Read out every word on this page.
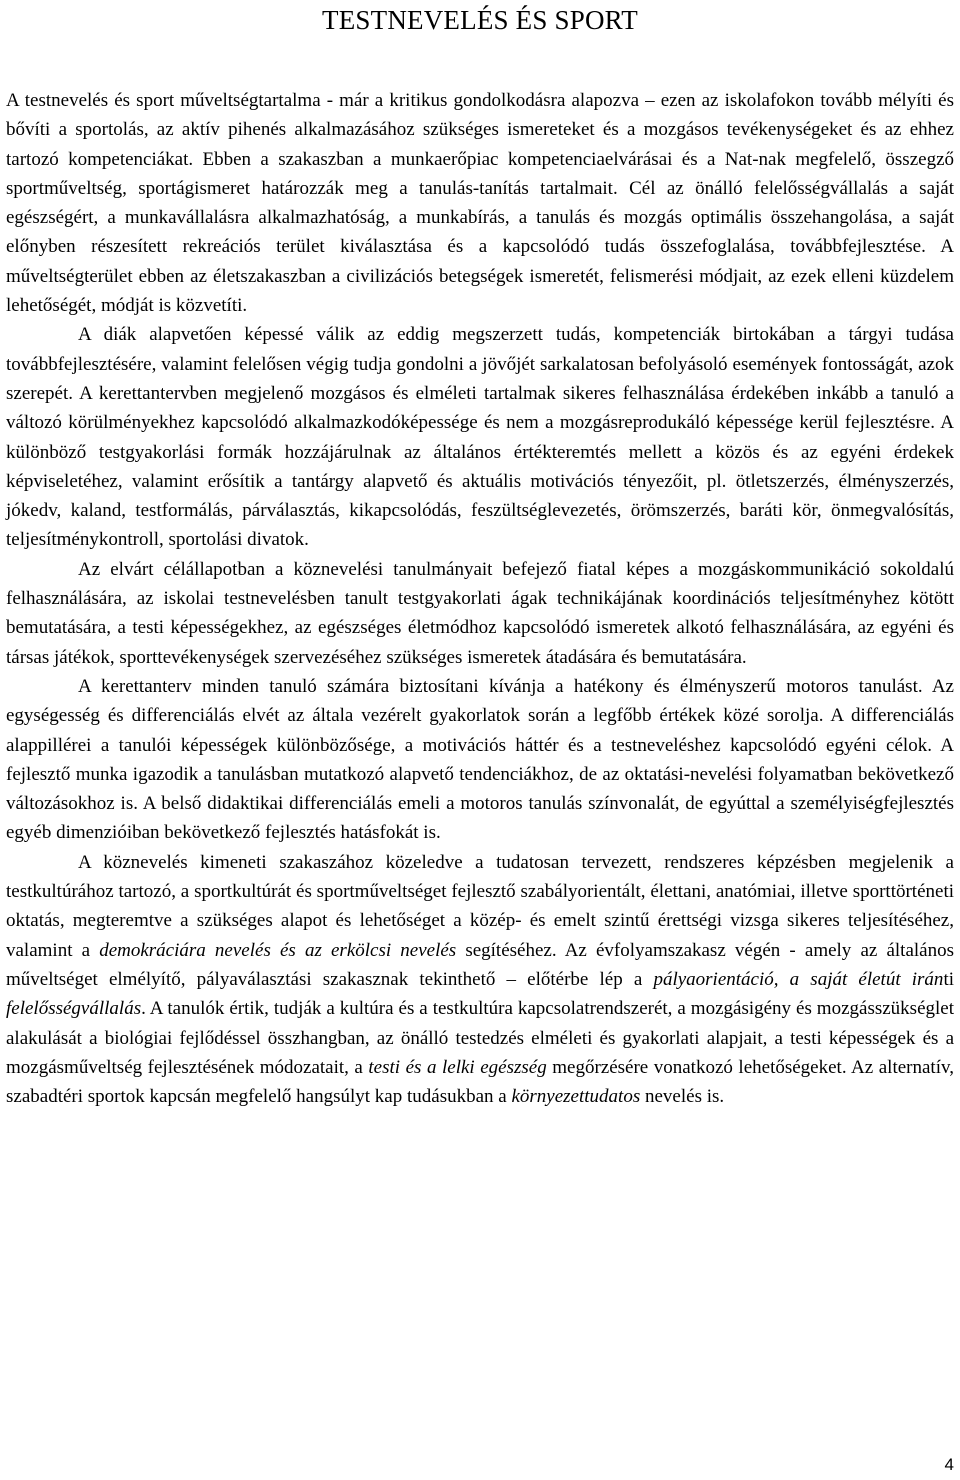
TESTNEVELÉS ÉS SPORT

A testnevelés és sport műveltségtartalma - már a kritikus gondolkodásra alapozva – ezen az iskolafokon tovább mélyíti és bővíti a sportolás, az aktív pihenés alkalmazásához szükséges ismereteket és a mozgásos tevékenységeket és az ehhez tartozó kompetenciákat. Ebben a szakaszban a munkaerőpiac kompetenciaelvárásai és a Nat-nak megfelelő, összegző sportműveltség, sportágismeret határozzák meg a tanulás-tanítás tartalmait. Cél az önálló felelősségvállalás a saját egészségért, a munkavállalásra alkalmazhatóság, a munkabírás, a tanulás és mozgás optimális összehangolása, a saját előnyben részesített rekreációs terület kiválasztása és a kapcsolódó tudás összefoglalása, továbbfejlesztése. A műveltségterület ebben az életszakaszban a civilizációs betegségek ismeretét, felismerési módjait, az ezek elleni küzdelem lehetőségét, módját is közvetíti.

A diák alapvetően képessé válik az eddig megszerzett tudás, kompetenciák birtokában a tárgyi tudása továbbfejlesztésére, valamint felelősen végig tudja gondolni a jövőjét sarkalatosan befolyásoló események fontosságát, azok szerepét. A kerettantervben megjelenő mozgásos és elméleti tartalmak sikeres felhasználása érdekében inkább a tanuló a változó körülményekhez kapcsolódó alkalmazkodóképessége és nem a mozgásreprodukáló képessége kerül fejlesztésre. A különböző testgyakorlási formák hozzájárulnak az általános értékteremtés mellett a közös és az egyéni érdekek képviseletéhez, valamint erősítik a tantárgy alapvető és aktuális motivációs tényezőit, pl. ötletszerzés, élményszerzés, jókedv, kaland, testformálás, párválasztás, kikapcsolódás, feszültséglevezetés, örömszerzés, baráti kör, önmegvalósítás, teljesítménykontroll, sportolási divatok.

Az elvárt célállapotban a köznevelési tanulmányait befejező fiatal képes a mozgáskommunikáció sokoldalú felhasználására, az iskolai testnevelésben tanult testgyakorlati ágak technikájának koordinációs teljesítményhez kötött bemutatására, a testi képességekhez, az egészséges életmódhoz kapcsolódó ismeretek alkotó felhasználására, az egyéni és társas játékok, sporttevékenységek szervezéséhez szükséges ismeretek átadására és bemutatására.

A kerettanterv minden tanuló számára biztosítani kívánja a hatékony és élményszerű motoros tanulást. Az egységesség és differenciálás elvét az általa vezérelt gyakorlatok során a legfőbb értékek közé sorolja. A differenciálás alappillérei a tanulói képességek különbözősége, a motivációs háttér és a testneveléshez kapcsolódó egyéni célok. A fejlesztő munka igazodik a tanulásban mutatkozó alapvető tendenciákhoz, de az oktatási-nevelési folyamatban bekövetkező változásokhoz is. A belső didaktikai differenciálás emeli a motoros tanulás színvonalát, de egyúttal a személyiségfejlesztés egyéb dimenzióiban bekövetkező fejlesztés hatásfokát is.

A köznevelés kimeneti szakaszához közeledve a tudatosan tervezett, rendszeres képzésben megjelenik a testkultúrához tartozó, a sportkultúrát és sportműveltséget fejlesztő szabályorientált, élettani, anatómiai, illetve sporttörténeti oktatás, megteremtve a szükséges alapot és lehetőséget a közép- és emelt szintű érettségi vizsga sikeres teljesítéséhez, valamint a demokráciára nevelés és az erkölcsi nevelés segítéséhez. Az évfolyamszakasz végén - amely az általános műveltséget elmélyítő, pályaválasztási szakasznak tekinthető – előtérbe lép a pályaorientáció, a saját életút iránti felelősségvállalás. A tanulók értik, tudják a kultúra és a testkultúra kapcsolatrendszerét, a mozgásigény és mozgásszükséglet alakulását a biológiai fejlődéssel összhangban, az önálló testedzés elméleti és gyakorlati alapjait, a testi képességek és a mozgásműveltség fejlesztésének módozatait, a testi és a lelki egészség megőrzésére vonatkozó lehetőségeket. Az alternatív, szabadtéri sportok kapcsán megfelelő hangsúlyt kap tudásukban a környezettudatos nevelés is.

4
